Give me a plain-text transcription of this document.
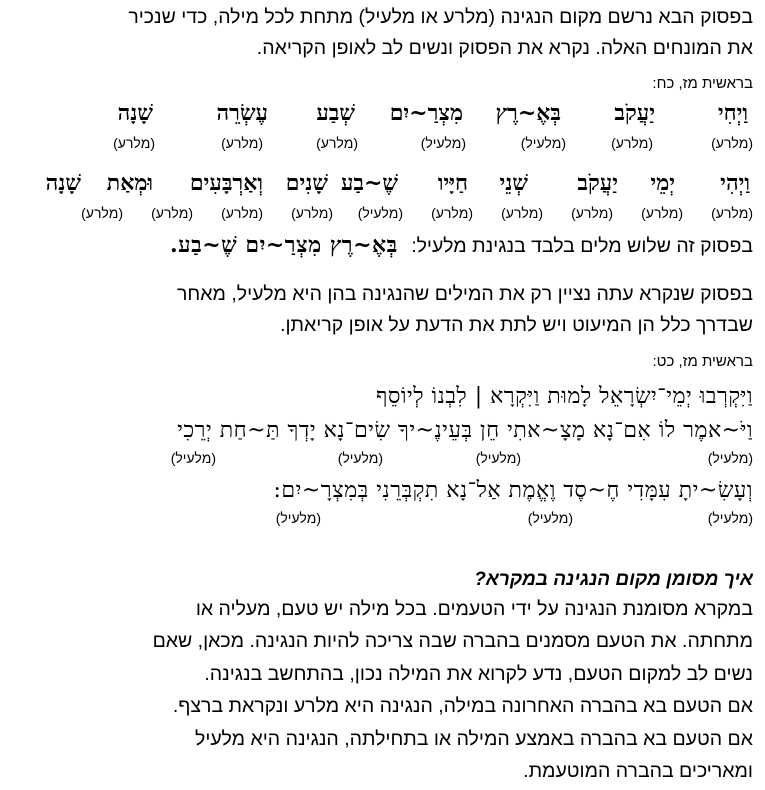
בפסוק הבא נרשם מקום הנגינה (מלרע או מלעיל) מתחת לכל מילה, כדי שנכיר
את המונחים האלה. נקרא את הפסוק ונשים לב לאופן הקריאה.
בראשית מז, כח:
וַיְחִי
יַעֲקֹב
בְּאֶ~רֶץ
מִצְרַ~יִם
שְׁבַע
עֶשְׂרֵה
שָׁנָה
(מלרע)
(מלרע)
(מלעיל)
(מלעיל)
(מלרע)
(מלרע)
(מלרע)
וַיְהִי
יְמֵי
יַעֲקֹב
שְׁנֵי
חַיָּיו
שֶׁ~בַע
שָׁנִים
וְאַרְבָּעִים
וּמְאַת
שָׁנָה
(מלרע)
(מלרע)
(מלרע)
(מלרע)
(מלרע)
(מלעיל)
(מלרע)
(מלרע)
(מלרע)
(מלרע)
בפסוק זה שלוש מלים בלבד בנגינת מלעיל: בְּאֶ~רֶץ מִצְרַ~יִם שֶׁ~בַע.
בפסוק שנקרא עתה נציין רק את המילים שהנגינה בהן היא מלעיל, מאחר
שבדרך כלל הן המיעוט ויש לתת את הדעת על אופן קריאתן.
בראשית מז, כט:
וַיִּקְרְבוּ יְמֵי־יִשְׂרָאֵל לָמוּת וַיִּקְרָא | לִבְנוֹ לְיוֹסֵף
וַיֹּ~אמֶר לוֹ אִם־נָא מָצָ~אתִי חֵן בְּעֵינֶ~יךָ שִׂים־נָא יָדְךָ תַּ~חַת יְרֵכִי
(מלעיל)
(מלעיל)
(מלעיל)
(מלעיל)
וְעָשִׂ~יתָ עִמָּדִי חֶ~סֶד וֶאֱמֶת אַל־נָא תִקְבְּרֵנִי בְּמִצְרָ~יִם:
(מלעיל)
(מלעיל)
(מלעיל)
איך מסומן מקום הנגינה במקרא?
במקרא מסומנת הנגינה על ידי הטעמים. בכל מילה יש טעם, מעליה או
מתחתה. את הטעם מסמנים בהברה שבה צריכה להיות הנגינה. מכאן, שאם
נשים לב למקום הטעם, נדע לקרוא את המילה נכון, בהתחשב בנגינה.
אם הטעם בא בהברה האחרונה במילה, הנגינה היא מלרע ונקראת ברצף.
אם הטעם בא בהברה באמצע המילה או בתחילתה, הנגינה היא מלעיל
ומאריכים בהברה המוטעמת.
